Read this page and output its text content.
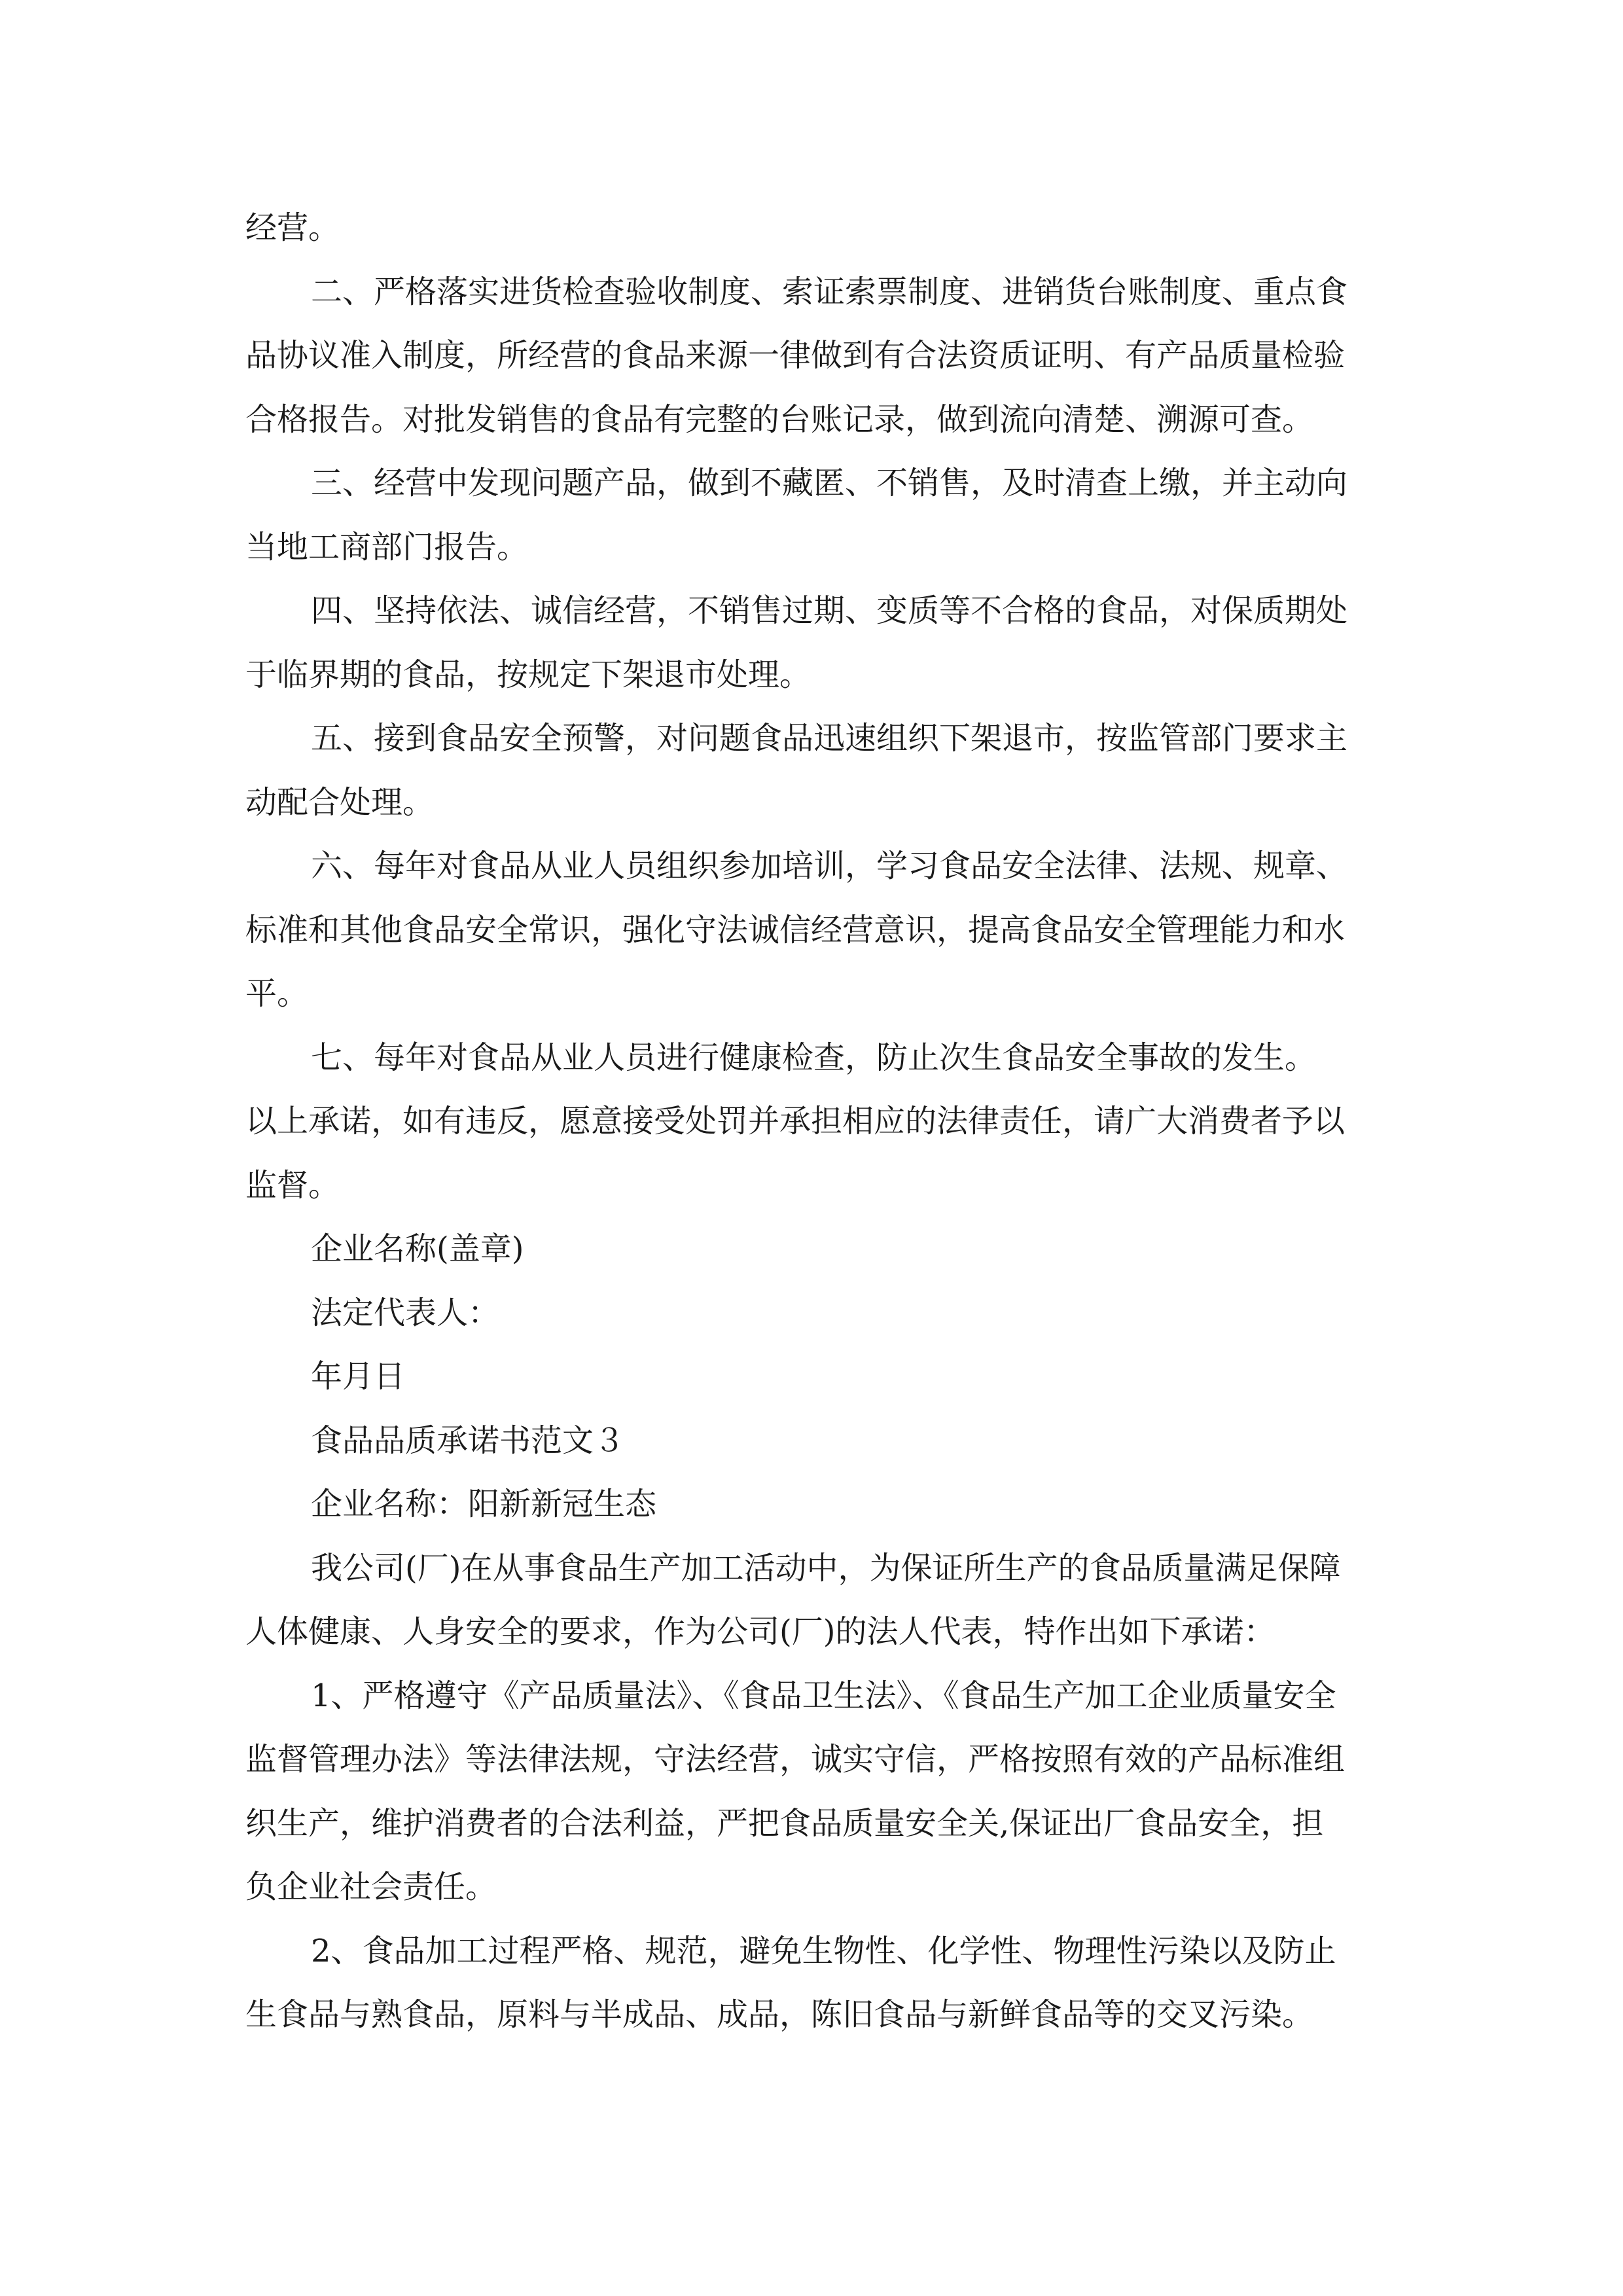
经营。
二、严格落实进货检查验收制度、索证索票制度、进销货台账制度、重点食
品协议准入制度，所经营的食品来源一律做到有合法资质证明、有产品质量检验
合格报告。对批发销售的食品有完整的台账记录，做到流向清楚、溯源可查。
三、经营中发现问题产品，做到不藏匿、不销售，及时清查上缴，并主动向
当地工商部门报告。
四、坚持依法、诚信经营，不销售过期、变质等不合格的食品，对保质期处
于临界期的食品，按规定下架退市处理。
五、接到食品安全预警，对问题食品迅速组织下架退市，按监管部门要求主
动配合处理。
六、每年对食品从业人员组织参加培训，学习食品安全法律、法规、规章、
标准和其他食品安全常识，强化守法诚信经营意识，提高食品安全管理能力和水
平。
七、每年对食品从业人员进行健康检查，防止次生食品安全事故的发生。
以上承诺，如有违反，愿意接受处罚并承担相应的法律责任，请广大消费者予以
监督。
企业名称(盖章)
法定代表人：
年月日
食品品质承诺书范文３
企业名称：阳新新冠生态
我公司(厂)在从事食品生产加工活动中，为保证所生产的食品质量满足保障
人体健康、人身安全的要求，作为公司(厂)的法人代表，特作出如下承诺：
1、严格遵守《产品质量法》、《食品卫生法》、《食品生产加工企业质量安全
监督管理办法》等法律法规，守法经营，诚实守信，严格按照有效的产品标准组
织生产，维护消费者的合法利益，严把食品质量安全关,保证出厂食品安全，担
负企业社会责任。
2、食品加工过程严格、规范，避免生物性、化学性、物理性污染以及防止
生食品与熟食品，原料与半成品、成品，陈旧食品与新鲜食品等的交叉污染。
